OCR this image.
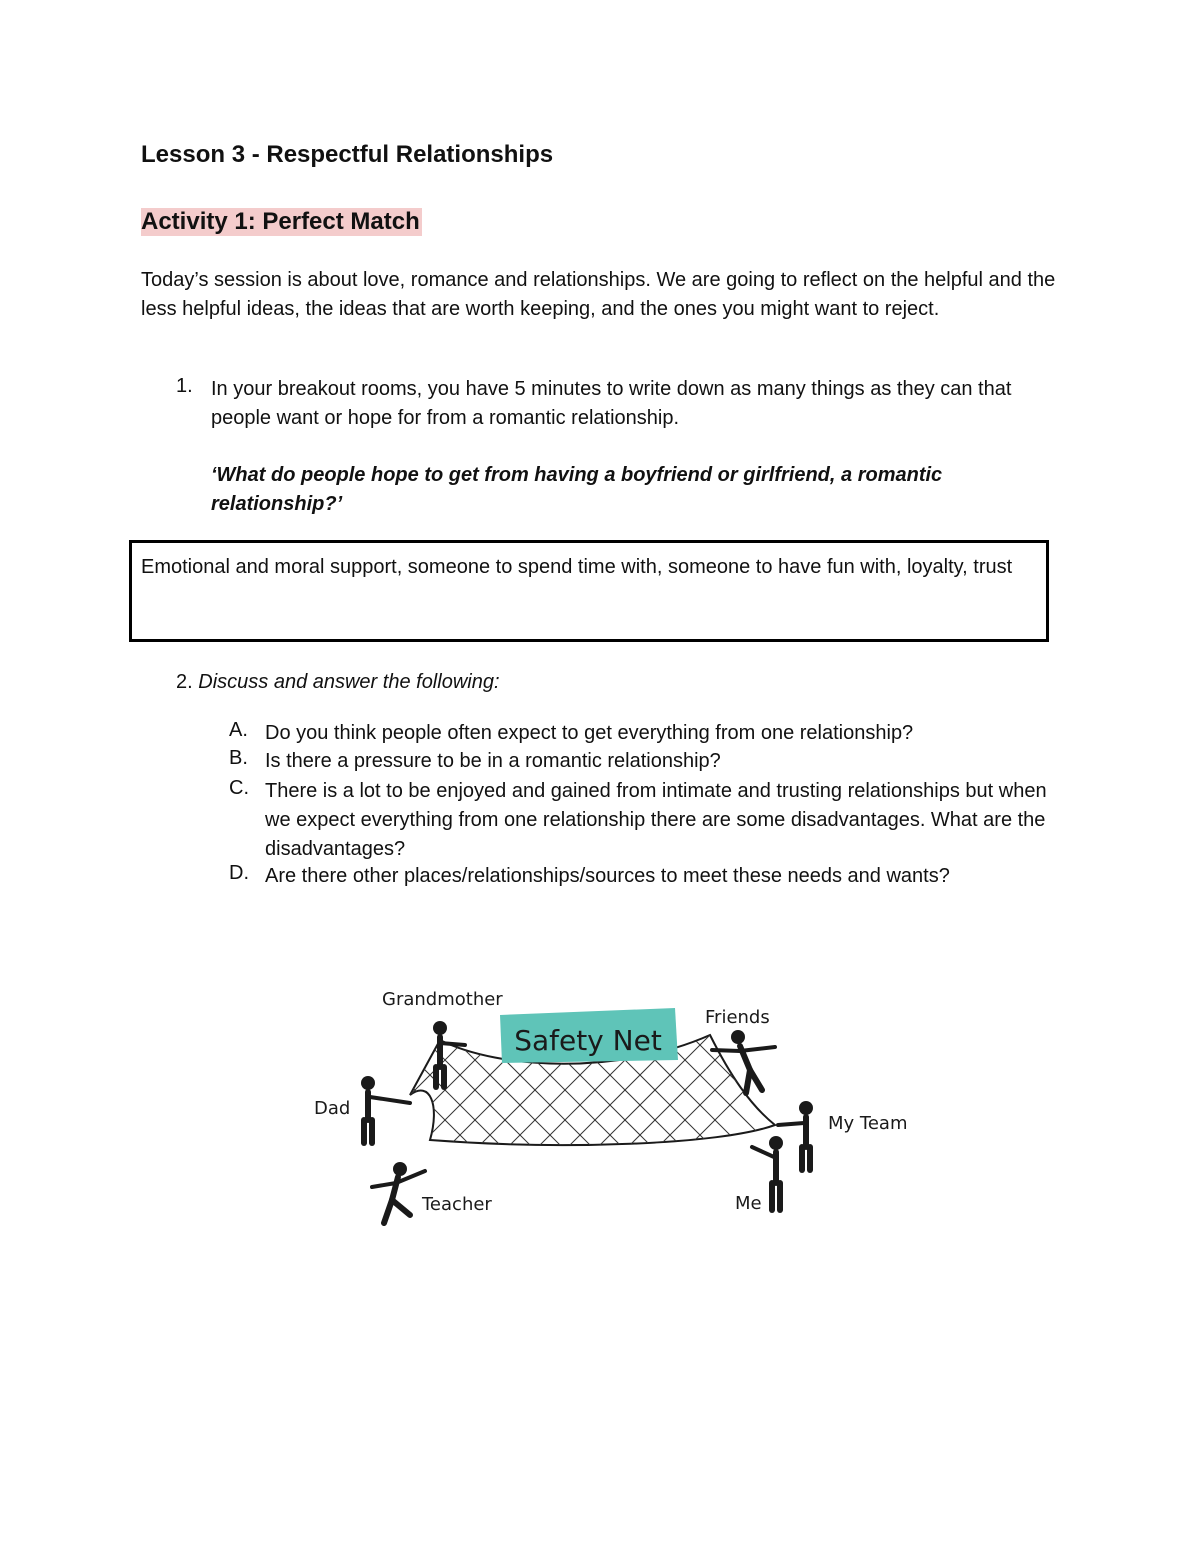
Lesson 3 - Respectful Relationships
Activity 1: Perfect Match
Today’s session is about love, romance and relationships. We are going to reflect on the helpful and the less helpful ideas, the ideas that are worth keeping, and the ones you might want to reject.
1. In your breakout rooms, you have 5 minutes to write down as many things as they can that people want or hope for from a romantic relationship.
‘What do people hope to get from having a boyfriend or girlfriend, a romantic relationship?’
Emotional and moral support, someone to spend time with, someone to have fun with, loyalty, trust
2. Discuss and answer the following:
A. Do you think people often expect to get everything from one relationship?
B. Is there a pressure to be in a romantic relationship?
C. There is a lot to be enjoyed and gained from intimate and trusting relationships but when we expect everything from one relationship there are some disadvantages. What are the disadvantages?
D. Are there other places/relationships/sources to meet these needs and wants?
Safety Net
Grandmother
Friends
Dad
My Team
Teacher	Me
